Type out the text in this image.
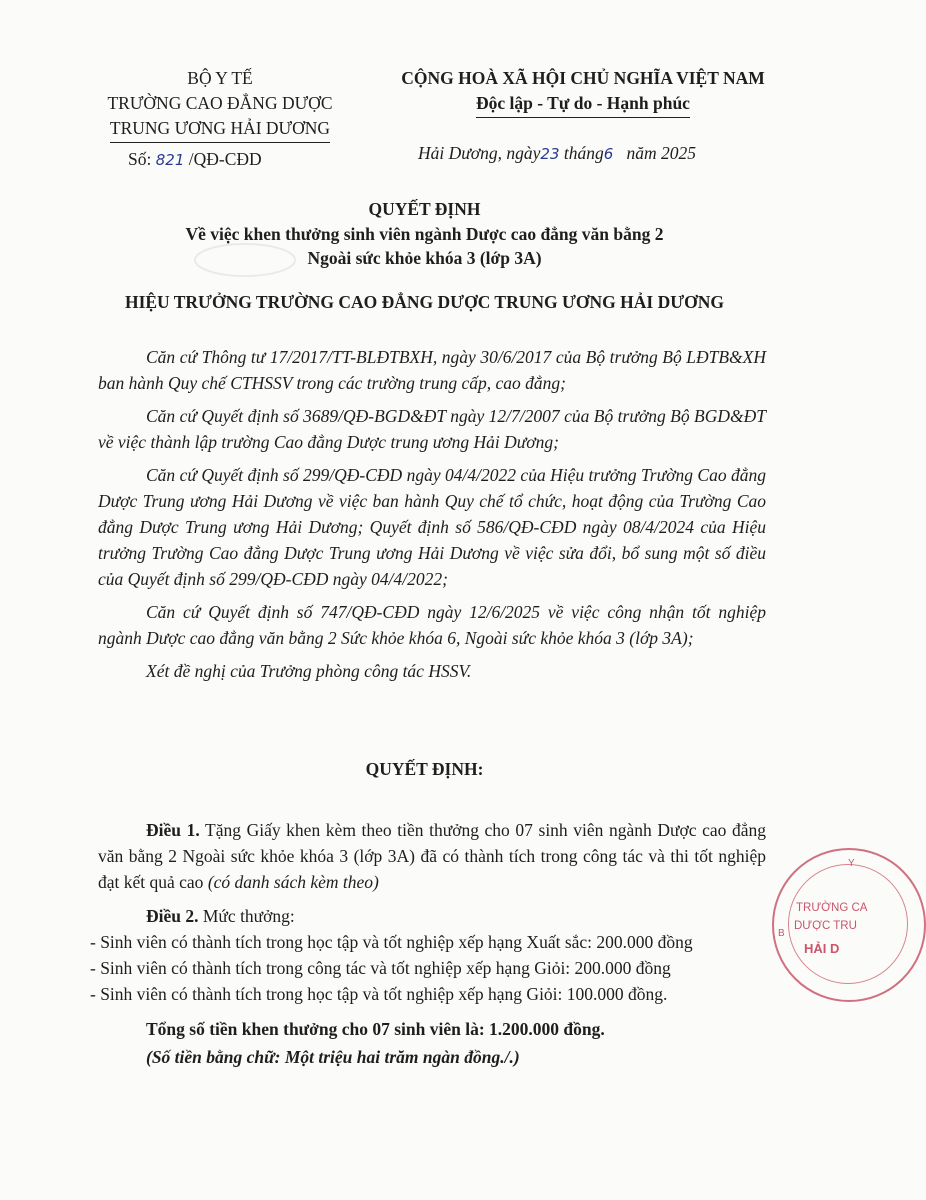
BỘ Y TẾ
TRƯỜNG CAO ĐẲNG DƯỢC
TRUNG ƯƠNG HẢI DƯƠNG
Số: 821 /QĐ-CĐD
CỘNG HOÀ XÃ HỘI CHỦ NGHĨA VIỆT NAM
Độc lập - Tự do - Hạnh phúc
Hải Dương, ngày23 tháng6 năm 2025
QUYẾT ĐỊNH
Về việc khen thưởng sinh viên ngành Dược cao đẳng văn bằng 2
Ngoài sức khỏe khóa 3 (lớp 3A)
HIỆU TRƯỞNG TRƯỜNG CAO ĐẲNG DƯỢC TRUNG ƯƠNG HẢI DƯƠNG

Căn cứ Thông tư 17/2017/TT-BLĐTBXH, ngày 30/6/2017 của Bộ trưởng Bộ LĐTB&XH ban hành Quy chế CTHSSV trong các trường trung cấp, cao đẳng;

Căn cứ Quyết định số 3689/QĐ-BGD&ĐT ngày 12/7/2007 của Bộ trưởng Bộ BGD&ĐT về việc thành lập trường Cao đẳng Dược trung ương Hải Dương;

Căn cứ Quyết định số 299/QĐ-CĐD ngày 04/4/2022 của Hiệu trưởng Trường Cao đẳng Dược Trung ương Hải Dương về việc ban hành Quy chế tổ chức, hoạt động của Trường Cao đẳng Dược Trung ương Hải Dương; Quyết định số 586/QĐ-CĐD ngày 08/4/2024 của Hiệu trưởng Trường Cao đẳng Dược Trung ương Hải Dương về việc sửa đổi, bổ sung một số điều của Quyết định số 299/QĐ-CĐD ngày 04/4/2022;

Căn cứ Quyết định số 747/QĐ-CĐD ngày 12/6/2025 về việc công nhận tốt nghiệp ngành Dược cao đẳng văn bằng 2 Sức khỏe khóa 6, Ngoài sức khỏe khóa 3 (lớp 3A);

Xét đề nghị của Trưởng phòng công tác HSSV.

QUYẾT ĐỊNH:

Điều 1. Tặng Giấy khen kèm theo tiền thưởng cho 07 sinh viên ngành Dược cao đẳng văn bằng 2 Ngoài sức khỏe khóa 3 (lớp 3A) đã có thành tích trong công tác và thi tốt nghiệp đạt kết quả cao (có danh sách kèm theo)

Điều 2. Mức thưởng:

- Sinh viên có thành tích trong học tập và tốt nghiệp xếp hạng Xuất sắc: 200.000 đồng
- Sinh viên có thành tích trong công tác và tốt nghiệp xếp hạng Giỏi: 200.000 đồng
- Sinh viên có thành tích trong học tập và tốt nghiệp xếp hạng Giỏi: 100.000 đồng.
Tổng số tiền khen thưởng cho 07 sinh viên là: 1.200.000 đồng.
(Số tiền bằng chữ: Một triệu hai trăm ngàn đồng./.)
Y
B
TRƯỜNG CA
DƯỢC TRU
HẢI D
